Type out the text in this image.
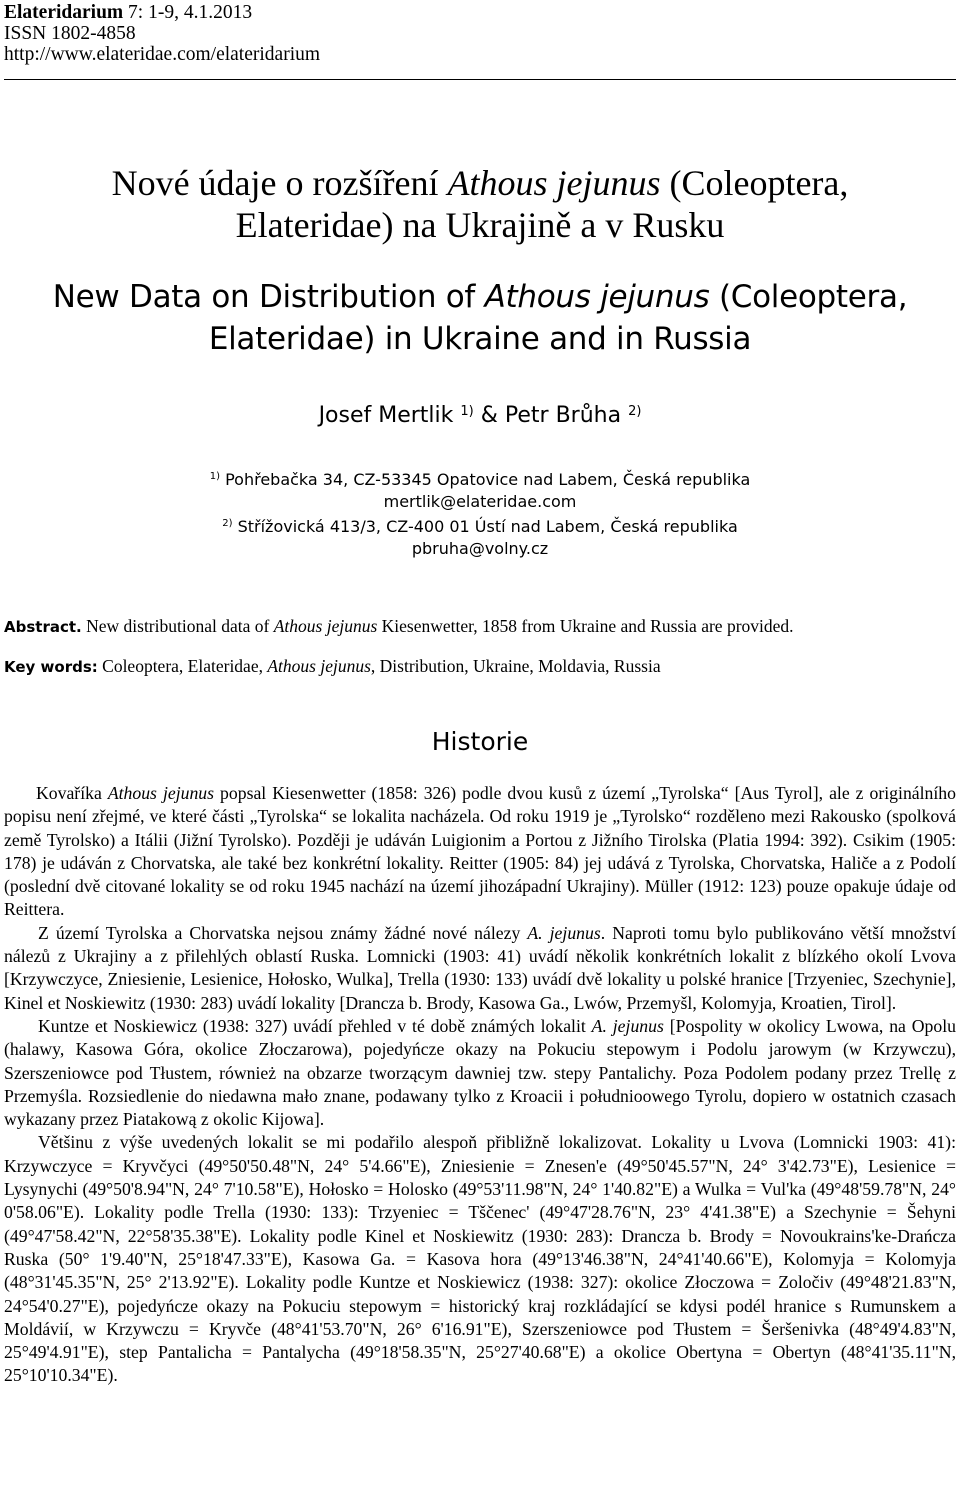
Elateridarium 7: 1-9, 4.1.2013
ISSN 1802-4858
http://www.elateridae.com/elateridarium
Nové údaje o rozšíření Athous jejunus (Coleoptera,
Elateridae) na Ukrajině a v Rusku
New Data on Distribution of Athous jejunus (Coleoptera,
Elateridae) in Ukraine and in Russia
Josef Mertlik $^{1)}$ & Petr Brůha $^{2)}$
$^{1)}$ Pohřebačka 34, CZ-53345 Opatovice nad Labem, Česká republika
mertlik@elateridae.com
$^{2)}$ Střížovická 413/3, CZ-400 01 Ústí nad Labem, Česká republika
pbruha@volny.cz
Abstract. New distributional data of Athous jejunus Kiesenwetter, 1858 from Ukraine and Russia are provided.
Key words: Coleoptera, Elateridae, Athous jejunus, Distribution, Ukraine, Moldavia, Russia
Historie

Kovaříka Athous jejunus popsal Kiesenwetter (1858: 326) podle dvou kusů z území „Tyrolska“ [Aus Tyrol], ale z originálního popisu není zřejmé, ve které části „Tyrolska“ se lokalita nacházela. Od roku 1919 je „Tyrolsko“ rozděleno mezi Rakousko (spolková země Tyrolsko) a Itálii (Jižní Tyrolsko). Později je udáván Luigionim a Portou z Jižního Tirolska (Platia 1994: 392). Csikim (1905: 178) je udáván z Chorvatska, ale také bez konkrétní lokality. Reitter (1905: 84) jej udává z Tyrolska, Chorvatska, Haliče a z Podolí (poslední dvě citované lokality se od roku 1945 nachází na území jihozápadní Ukrajiny). Müller (1912: 123) pouze opakuje údaje od Reittera.

Z území Tyrolska a Chorvatska nejsou známy žádné nové nálezy A. jejunus. Naproti tomu bylo publikováno větší množství nálezů z Ukrajiny a z přilehlých oblastí Ruska. Lomnicki (1903: 41) uvádí několik konkrétních lokalit z blízkého okolí Lvova [Krzywczyce, Zniesienie, Lesienice, Hołosko, Wulka], Trella (1930: 133) uvádí dvě lokality u polské hranice [Trzyeniec, Szechynie], Kinel et Noskiewitz (1930: 283) uvádí lokality [Drancza b. Brody, Kasowa Ga., Lwów, Przemyšl, Kolomyja, Kroatien, Tirol].

Kuntze et Noskiewicz (1938: 327) uvádí přehled v té době známých lokalit A. jejunus [Pospolity w okolicy Lwowa, na Opolu (halawy, Kasowa Góra, okolice Złoczarowa), pojedyńcze okazy na Pokuciu stepowym i Podolu jarowym (w Krzywczu), Szerszeniowce pod Tłustem, również na obzarze tworzącym dawniej tzw. stepy Pantalichy. Poza Podolem podany przez Trellę z Przemyśla. Rozsiedlenie do niedawna mało znane, podawany tylko z Kroacii i południoowego Tyrolu, dopiero w ostatnich czasach wykazany przez Piatakową z okolic Kijowa].

Většinu z výše uvedených lokalit se mi podařilo alespoň přibližně lokalizovat. Lokality u Lvova (Lomnicki 1903: 41): Krzywczyce = Kryvčyci (49°50'50.48"N, 24° 5'4.66"E), Zniesienie = Znesen'e (49°50'45.57"N, 24° 3'42.73"E), Lesienice = Lysynychi (49°50'8.94"N, 24° 7'10.58"E), Hołosko = Holosko (49°53'11.98"N, 24° 1'40.82"E) a Wulka = Vul'ka (49°48'59.78"N, 24° 0'58.06"E). Lokality podle Trella (1930: 133): Trzyeniec = Tščenec' (49°47'28.76"N, 23° 4'41.38"E) a Szechynie = Šehyni (49°47'58.42"N, 22°58'35.38"E). Lokality podle Kinel et Noskiewitz (1930: 283): Drancza b. Brody = Novoukrains'ke-Drańcza Ruska (50° 1'9.40"N, 25°18'47.33"E), Kasowa Ga. = Kasova hora (49°13'46.38"N, 24°41'40.66"E), Kolomyja = Kolomyja (48°31'45.35"N, 25° 2'13.92"E). Lokality podle Kuntze et Noskiewicz (1938: 327): okolice Złoczowa = Zoločiv (49°48'21.83"N, 24°54'0.27"E), pojedyńcze okazy na Pokuciu stepowym = historický kraj rozkládající se kdysi podél hranice s Rumunskem a Moldávií, w Krzywczu = Kryvče (48°41'53.70"N, 26° 6'16.91"E), Szerszeniowce pod Tłustem = Šeršenivka (48°49'4.83"N, 25°49'4.91"E), step Pantalicha = Pantalycha (49°18'58.35"N, 25°27'40.68"E) a okolice Obertyna = Obertyn (48°41'35.11"N, 25°10'10.34"E).
